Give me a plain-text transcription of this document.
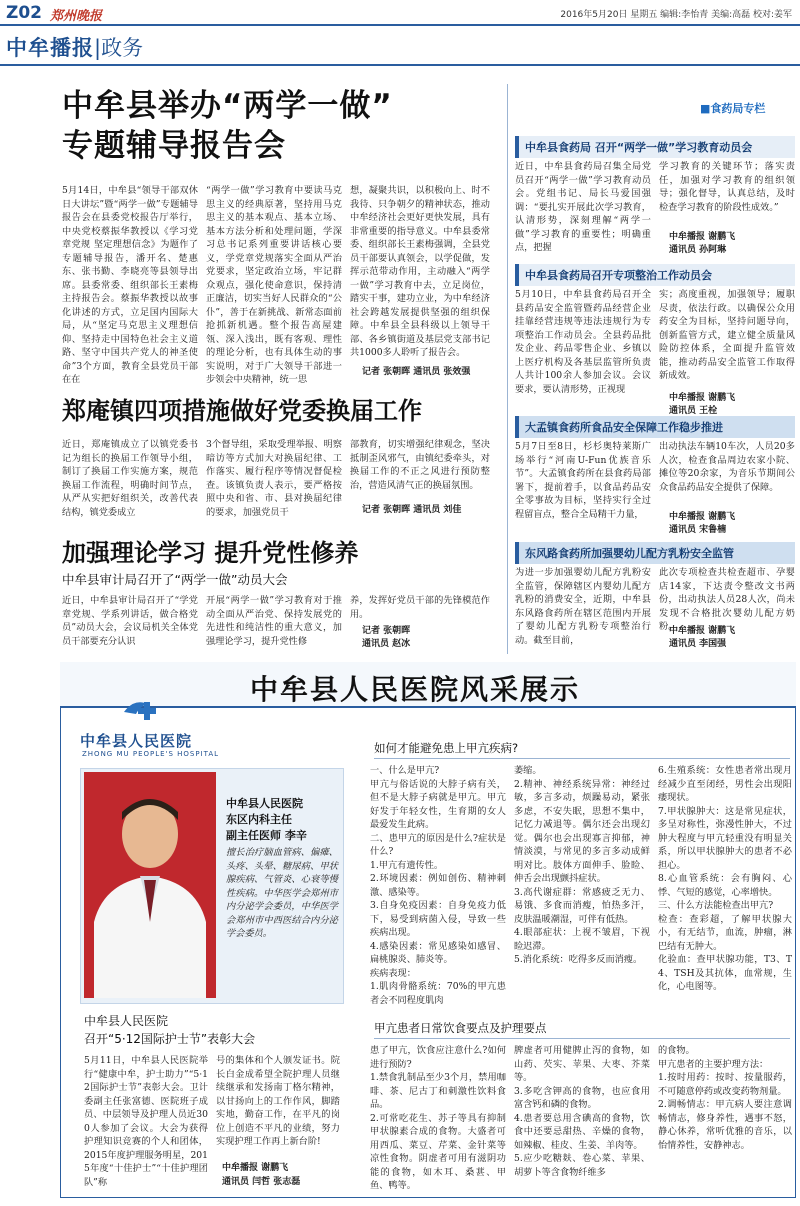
Z02 郑州晚报	2016年5月20日 星期五 编辑:李怡青 美编:高磊 校对:姜军
中牟播报|政务
中牟县举办“两学一做”
专题辅导报告会
5月14日，中牟县“领导干部双休日大讲坛”暨“两学一做”专题辅导报告会在县委党校报告厅举行，中央党校蔡振华教授以《学习党章党规 坚定理想信念》为题作了专题辅导报告，潘开名、楚惠东、张书勤、李晓亮等县领导出席。县委常委、组织部长王素梅主持报告会。蔡振华教授以故事化讲述的方式，立足国内国际大局，从“坚定马克思主义理想信仰、坚持走中国特色社会主义道路、坚守中国共产党人的神圣使命”3个方面，教育全县党员干部在在
“两学一做”学习教育中要读马克思主义的经典原著，坚持用马克思主义的基本观点、基本立场、基本方法分析和处理问题，学深习总书记系列重要讲话核心要义，学党章党规落实全面从严治党要求，坚定政治立场，牢记群众观点，强化使命意识，保持清正廉洁，切实当好人民群众的“公仆”，善于在新挑战、新常态面前抢抓新机遇。整个报告高屋建瓴、深入浅出，既有客观、理性的理论分析，也有具体生动的事实说明，对于广大领导干部进一步领会中央精神，统一思
想，凝聚共识，以积极向上、时不我待、只争朝夕的精神状态，推动中牟经济社会更好更快发展，具有非常重要的指导意义。中牟县委常委、组织部长王素梅强调，全县党员干部要认真领会，以学促做，发挥示范带动作用，主动融入“两学一做”学习教育中去，立足岗位，踏实干事，建功立业，为中牟经济社会跨越发展提供坚强的组织保障。中牟县全县科级以上领导干部、各乡镇街道及基层党支部书记共1000多人聆听了报告会。
记者 张朝晖 通讯员 张效强
郑庵镇四项措施做好党委换届工作
近日，郑庵镇成立了以镇党委书记为组长的换届工作领导小组，制订了换届工作实施方案，规范换届工作流程，明确时间节点，从严从实把好组织关，改善代表结构，镇党委成立
3个督导组，采取受理举报、明察暗访等方式加大对换届纪律、工作落实、履行程序等情况督促检查。该镇负责人表示，要严格按照中央和省、市、县对换届纪律的要求，加强党员干
部教育，切实增强纪律观念，坚决抵制歪风邪气，由镇纪委牵头，对换届工作的不正之风进行预防整治，营造风清气正的换届氛围。
记者 张朝晖 通讯员 刘佳
加强理论学习 提升党性修养
中牟县审计局召开了“两学一做”动员大会
近日，中牟县审计局召开了“学党章党规、学系列讲话，做合格党员”动员大会，会议局机关全体党员干部要充分认识
开展“两学一做”学习教育对于推动全面从严治党、保持发展党的先进性和纯洁性的重大意义，加强理论学习，提升党性修
养，发挥好党员干部的先锋模范作用。
记者 张朝晖
通讯员 赵冰
■食药局专栏
中牟县食药局 召开“两学一做”学习教育动员会
近日，中牟县食药局召集全局党员召开“两学一做”学习教育动员会。党组书记、局长马爱国强调：“要扎实开展此次学习教育，认清形势，深刻理解“两学一做”学习教育的重要性；明确重点，把握
学习教育的关键环节；落实责任，加强对学习教育的组织领导；强化督导，认真总结，及时检查学习教育的阶段性成效。”
中牟播报 谢鹏飞
通讯员 孙阿琳
中牟县食药局召开专项整治工作动员会
5月10日，中牟县食药局召开全县药品安全监管暨药品经营企业挂靠经营违规等违法违规行为专项整治工作动员会。全县药品批发企业、药品零售企业、乡镇以上医疗机构及各基层监管所负责人共计100余人参加会议。会议要求，要认清形势，正视现
实；高度重视，加强领导；履职尽责，依法行政。以确保公众用药安全为目标，坚持问题导向，创新监管方式，建立健全质量风险防控体系，全面提升监管效能，推动药品安全监管工作取得新成效。
中牟播报 谢鹏飞
通讯员 王栓
大孟镇食药所食品安全保障工作稳步推进
5月7日至8日，杉杉奥特莱斯广场举行“河南U-Fun优族音乐节”。大孟镇食药所在县食药局部署下，提前着手，以食品药品安全零事故为目标，坚持实行全过程留盲点，整合全局精干力量，
出动执法车辆10车次，人员20多人次，检查食品周边农家小院、摊位等20余家，为音乐节期间公众食品药品安全提供了保障。
中牟播报 谢鹏飞
通讯员 宋鲁楠
东风路食药所加强婴幼儿配方乳粉安全监管
为进一步加强婴幼儿配方乳粉安全监管，保障辖区内婴幼儿配方乳粉的消费安全，近期，中牟县东风路食药所在辖区范围内开展了婴幼儿配方乳粉专项整治行动。截至目前，
此次专项检查共检查超市、孕婴店14家，下达责令整改文书两份，出动执法人员28人次，尚未发现不合格批次婴幼儿配方奶粉。
中牟播报 谢鹏飞
通讯员 李国强
中牟县人民医院风采展示
中牟县人民医院
ZHONG MU PEOPLE'S HOSPITAL
中牟县人民医院
东区内科主任
副主任医师 李辛
擅长治疗脑血管病、偏瘫、头疼、头晕、糖尿病、甲状腺疾病、气管炎、心衰等慢性疾病。中华医学会郑州市内分泌学会委员，中华医学会郑州市中西医结合内分泌学会委员。
如何才能避免患上甲亢疾病?
一、什么是甲亢?
甲亢与俗话说的大脖子病有关，但不是大脖子病就是甲亢。甲亢好发于年轻女性，生育期的女人最爱发生此病。
二、患甲亢的原因是什么?症状是什么?
1.甲亢有遗传性。
2.环境因素：例如创伤、精神刺激、感染等。
3.自身免疫因素：自身免疫力低下，易受到病菌入侵，导致一些疾病出现。
4.感染因素：常见感染如感冒、扁桃腺炎、肺炎等。
疾病表现：
1.肌肉骨骼系统：70%的甲亢患者会不同程度肌肉
萎缩。
2.精神、神经系统异常：神经过敏，多言多动，烦躁易动，紧张多虑，不安失眠，思想不集中，记忆力减退等。偶尔还会出现幻觉。偶尔也会出现寡言抑郁，神情淡漠，与常见的多言多动成鲜明对比。肢体方面伸手、脸睑、伸舌会出现颤抖症状。
3.高代谢症群：常感疲乏无力、易饿、多食而消瘦，怕热多汗，皮肤温暖潮湿，可伴有低热。
4.眼部症状：上视不皱眉，下视睑迟滞。
5.消化系统：吃得多反而消瘦。
6.生殖系统：女性患者常出现月经减少直至闭经，男性会出现阳痿现状。
7.甲状腺肿大：这是常见症状，多呈对称性，弥漫性肿大，不过肿大程度与甲亢轻重没有明显关系，所以甲状腺肿大的患者不必担心。
8.心血管系统：会有胸闷、心悸、气短的感觉，心率增快。
三、什么方法能检查出甲亢?
检查：查彩超，了解甲状腺大小，有无结节，血流，肿瘤，淋巴结有无肿大。
化验血：查甲状腺功能，T3、T4、TSH及其抗体，血常规，生化，心电图等。
中牟县人民医院
召开“5·12国际护士节”表彰大会
5月11日，中牟县人民医院举行“健康中牟，护士助力”“5·12国际护士节”表彰大会。卫计委副主任张富德、医院班子成员、中层领导及护理人员近300人参加了会议。大会为获得护理知识竞赛的个人和团体，2015年度护理服务明星，2015年度“十佳护士”“十佳护理团队”称
号的集体和个人颁发证书。院长白金成希望全院护理人员继续继承和发扬南丁格尔精神，以甘扬向上的工作作风，脚踏实地，勤奋工作，在平凡的岗位上创造不平凡的业绩，努力实现护理工作再上新台阶!
中牟播报 谢鹏飞
通讯员 闫哲 张志磊
甲亢患者日常饮食要点及护理要点
患了甲亢，饮食应注意什么?如何进行预防?
1.禁食乳制品至少3个月，禁用咖啡、茶、尼古丁和刺激性饮料食品。
2.可常吃花生、苏子等具有抑制甲状腺素合成的食物。大盛者可用西瓜、菜豆、芹菜、金针菜等凉性食物。阴虚者可用有滋阴功能的食物，如木耳、桑葚、甲鱼、鸭等。
脾虚者可用健脾止泻的食物，如山药、芡实、苹果、大枣、芥菜等。
3.多吃含钾高的食物，也应食用富含钙和磷的食物。
4.患者要总用含碘高的食物，饮食中还要忌甜热、辛燥的食物，如辣椒、桂皮、生姜、羊肉等。
5.应少吃糖麸、卷心菜、苹果、胡萝卜等含食物纤维多
的食物。
甲亢患者的主要护理方法：
1.按时用药：按时、按量服药，不可随意停药或改变药物剂量。
2.调畅情志：甲亢病人要注意调畅情志，修身养性，遇事不怒，静心休养，常听优雅的音乐，以怡情养性，安静神志。
